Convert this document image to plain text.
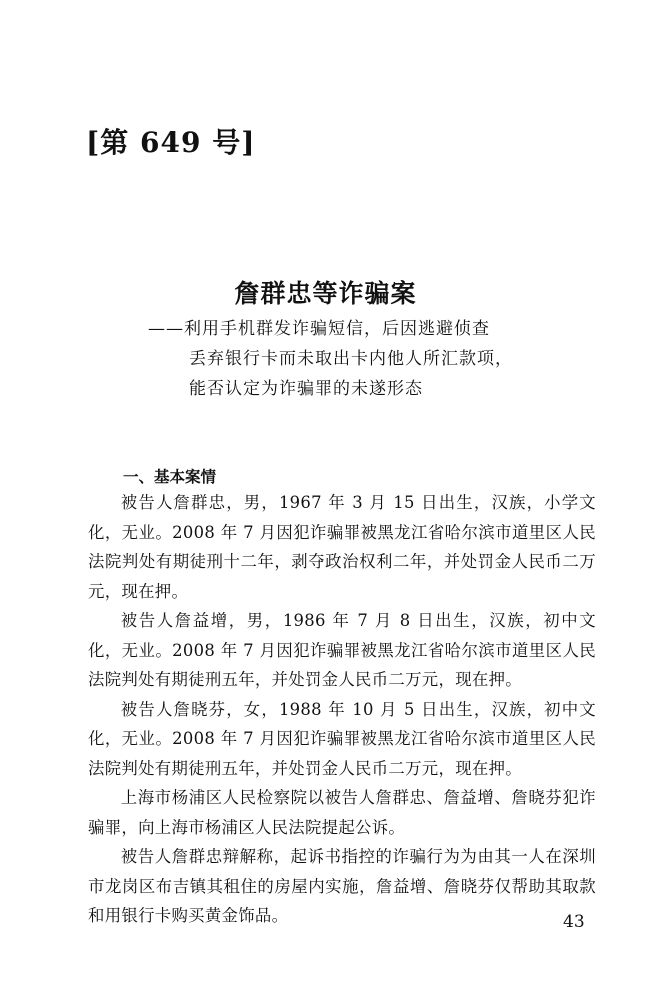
[第 649 号]
詹群忠等诈骗案
——利用手机群发诈骗短信，后因逃避侦查
丢弃银行卡而未取出卡内他人所汇款项，
能否认定为诈骗罪的未遂形态
一、基本案情

被告人詹群忠，男，1967 年 3 月 15 日出生，汉族，小学文化，无业。2008 年 7 月因犯诈骗罪被黑龙江省哈尔滨市道里区人民法院判处有期徒刑十二年，剥夺政治权利二年，并处罚金人民币二万元，现在押。

被告人詹益增，男，1986 年 7 月 8 日出生，汉族，初中文化，无业。2008 年 7 月因犯诈骗罪被黑龙江省哈尔滨市道里区人民法院判处有期徒刑五年，并处罚金人民币二万元，现在押。

被告人詹晓芬，女，1988 年 10 月 5 日出生，汉族，初中文化，无业。2008 年 7 月因犯诈骗罪被黑龙江省哈尔滨市道里区人民法院判处有期徒刑五年，并处罚金人民币二万元，现在押。

上海市杨浦区人民检察院以被告人詹群忠、詹益增、詹晓芬犯诈骗罪，向上海市杨浦区人民法院提起公诉。

被告人詹群忠辩解称，起诉书指控的诈骗行为为由其一人在深圳市龙岗区布吉镇其租住的房屋内实施，詹益增、詹晓芬仅帮助其取款和用银行卡购买黄金饰品。	43
